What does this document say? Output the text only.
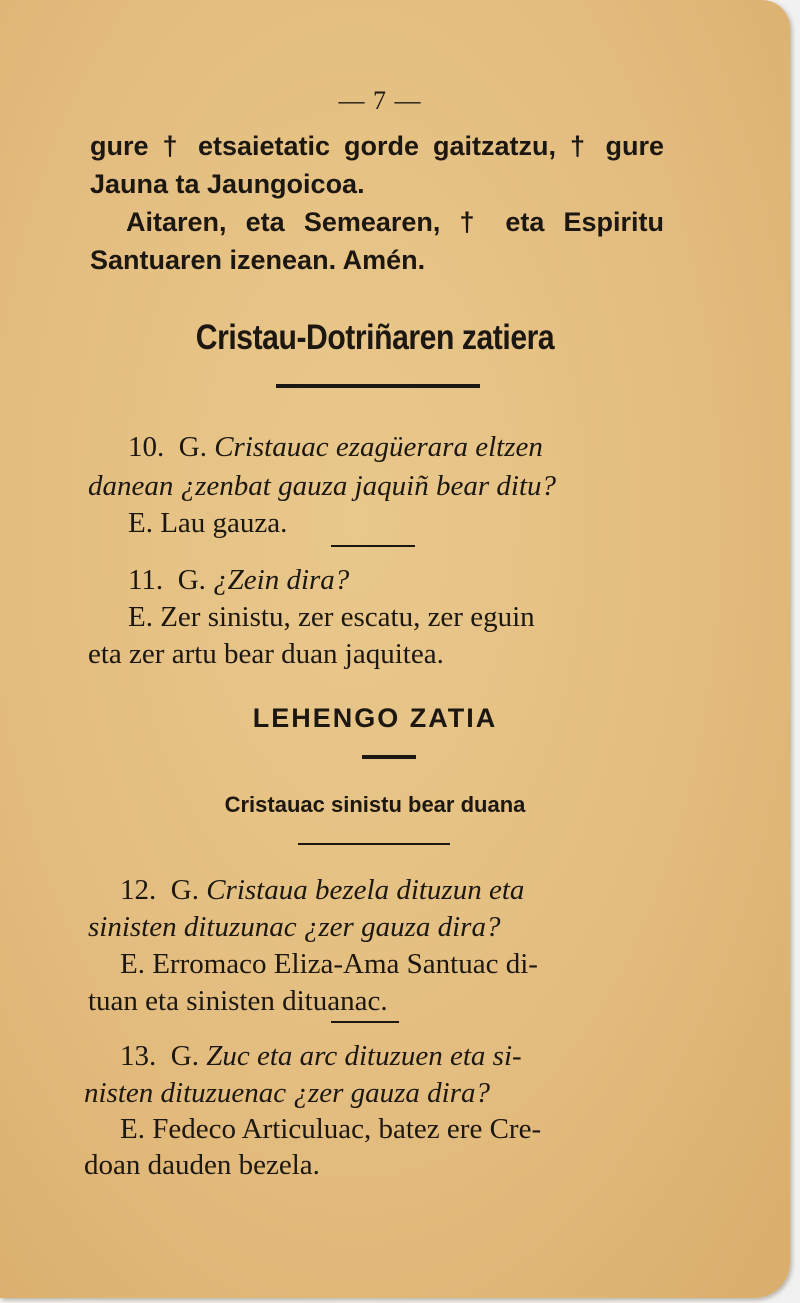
— 7 —
gure † etsaietatic gorde gaitzatzu, † gure
Jauna ta Jaungoicoa.
Aitaren, eta Semearen, † eta Espiritu
Santuaren izenean. Amén.
Cristau-Dotriñaren zatiera
10. G. Cristauac ezagüerara eltzen
danean ¿zenbat gauza jaquiñ bear ditu?
E. Lau gauza.
11. G. ¿Zein dira?
E. Zer sinistu, zer escatu, zer eguin
eta zer artu bear duan jaquitea.
LEHENGO ZATIA
Cristauac sinistu bear duana
12. G. Cristaua bezela dituzun eta
sinisten dituzunac ¿zer gauza dira?
E. Erromaco Eliza-Ama Santuac di-
tuan eta sinisten dituanac.
13. G. Zuc eta arc dituzuen eta si-
nisten dituzuenac ¿zer gauza dira?
E. Fedeco Articuluac, batez ere Cre-
doan dauden bezela.
